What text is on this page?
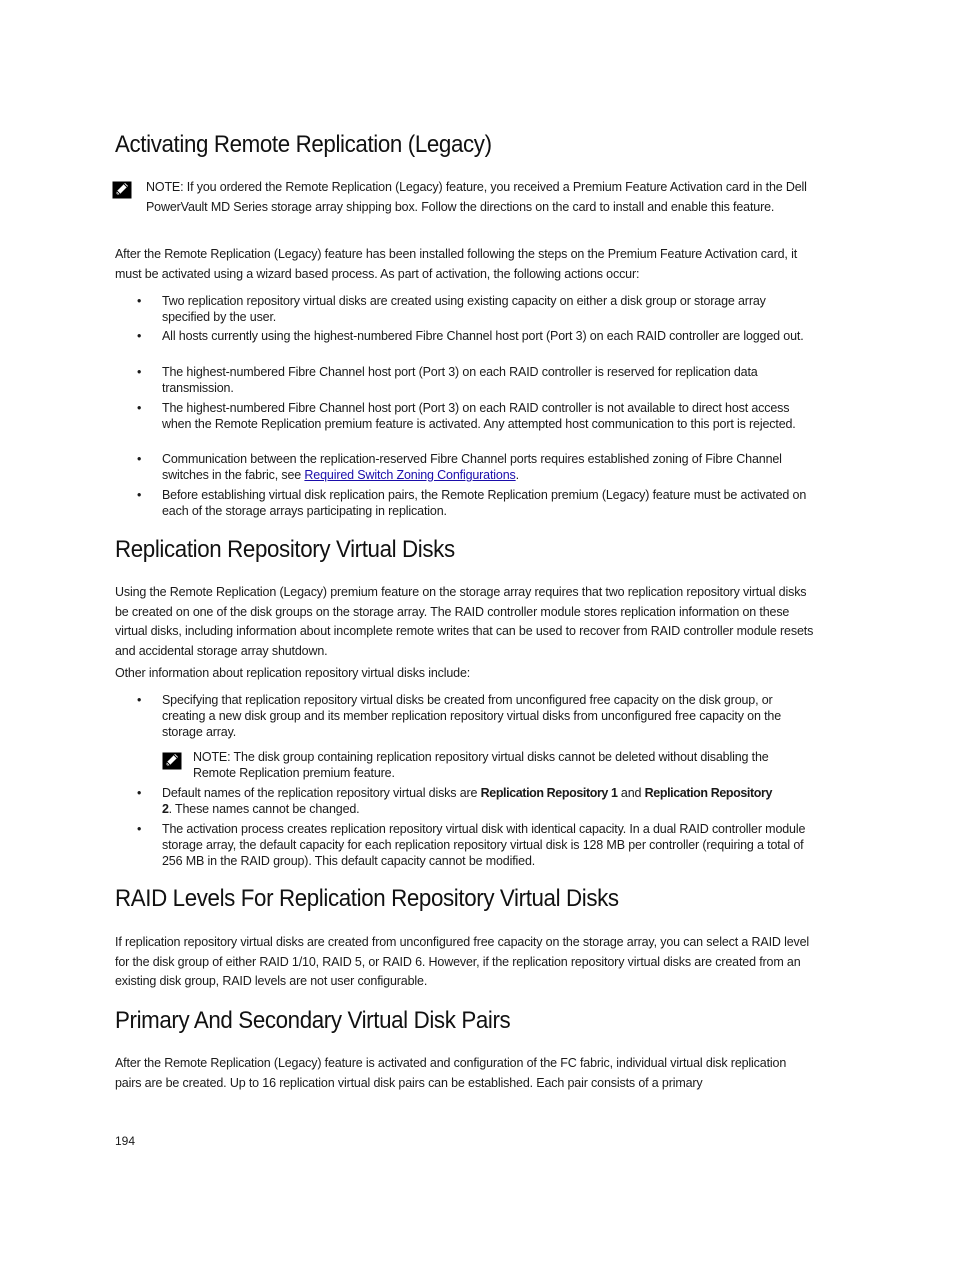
Activating Remote Replication (Legacy)
NOTE: If you ordered the Remote Replication (Legacy) feature, you received a Premium Feature Activation card in the Dell PowerVault MD Series storage array shipping box. Follow the directions on the card to install and enable this feature.

After the Remote Replication (Legacy) feature has been installed following the steps on the Premium Feature Activation card, it must be activated using a wizard based process. As part of activation, the following actions occur:

• Two replication repository virtual disks are created using existing capacity on either a disk group or storage array specified by the user.
• All hosts currently using the highest-numbered Fibre Channel host port (Port 3) on each RAID controller are logged out.
• The highest-numbered Fibre Channel host port (Port 3) on each RAID controller is reserved for replication data transmission.
• The highest-numbered Fibre Channel host port (Port 3) on each RAID controller is not available to direct host access when the Remote Replication premium feature is activated. Any attempted host communication to this port is rejected.
• Communication between the replication-reserved Fibre Channel ports requires established zoning of Fibre Channel switches in the fabric, see Required Switch Zoning Configurations.
• Before establishing virtual disk replication pairs, the Remote Replication premium (Legacy) feature must be activated on each of the storage arrays participating in replication.
Replication Repository Virtual Disks

Using the Remote Replication (Legacy) premium feature on the storage array requires that two replication repository virtual disks be created on one of the disk groups on the storage array. The RAID controller module stores replication information on these virtual disks, including information about incomplete remote writes that can be used to recover from RAID controller module resets and accidental storage array shutdown.

Other information about replication repository virtual disks include:

• Specifying that replication repository virtual disks be created from unconfigured free capacity on the disk group, or creating a new disk group and its member replication repository virtual disks from unconfigured free capacity on the storage array.
NOTE: The disk group containing replication repository virtual disks cannot be deleted without disabling the Remote Replication premium feature.
• Default names of the replication repository virtual disks are Replication Repository 1 and Replication Repository
2. These names cannot be changed.
• The activation process creates replication repository virtual disk with identical capacity. In a dual RAID controller module storage array, the default capacity for each replication repository virtual disk is 128 MB per controller (requiring a total of 256 MB in the RAID group). This default capacity cannot be modified.
RAID Levels For Replication Repository Virtual Disks

If replication repository virtual disks are created from unconfigured free capacity on the storage array, you can select a RAID level for the disk group of either RAID 1/10, RAID 5, or RAID 6. However, if the replication repository virtual disks are created from an existing disk group, RAID levels are not user configurable.

Primary And Secondary Virtual Disk Pairs

After the Remote Replication (Legacy) feature is activated and configuration of the FC fabric, individual virtual disk replication pairs are be created. Up to 16 replication virtual disk pairs can be established. Each pair consists of a primary

194
